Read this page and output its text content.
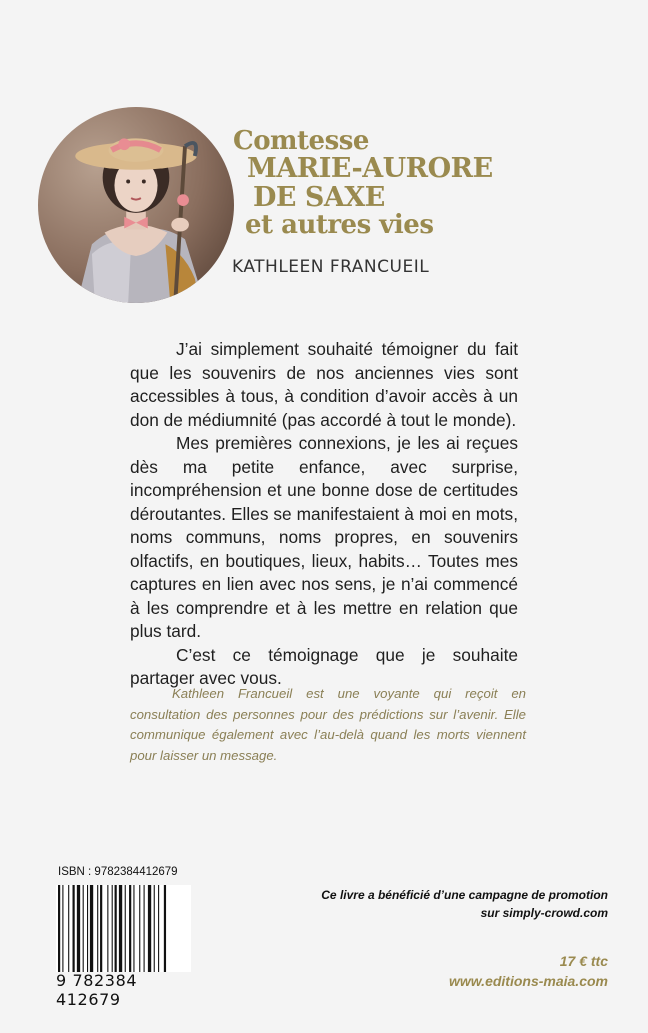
Comtesse
MARIE-AURORE
DE SAXE
et autres vies
KATHLEEN FRANCUEIL

J’ai simplement souhaité témoigner du fait que les souvenirs de nos anciennes vies sont accessibles à tous, à condition d’avoir accès à un don de médiumnité (pas accordé à tout le monde).

Mes premières connexions, je les ai reçues dès ma petite enfance, avec surprise, incompréhension et une bonne dose de certitudes déroutantes. Elles se manifestaient à moi en mots, noms communs, noms propres, en souvenirs olfactifs, en boutiques, lieux, habits… Toutes mes captures en lien avec nos sens, je n’ai commencé à les comprendre et à les mettre en relation que plus tard.

C’est ce témoignage que je souhaite partager avec vous.

Kathleen Francueil est une voyante qui reçoit en consultation des personnes pour des prédictions sur l’avenir. Elle communique également avec l’au-delà quand les morts viennent pour laisser un message.
ISBN : 9782384412679
9 782384 412679
Ce livre a bénéficié d’une campagne de promotion
sur simply-crowd.com
17 € ttc
www.editions-maia.com
